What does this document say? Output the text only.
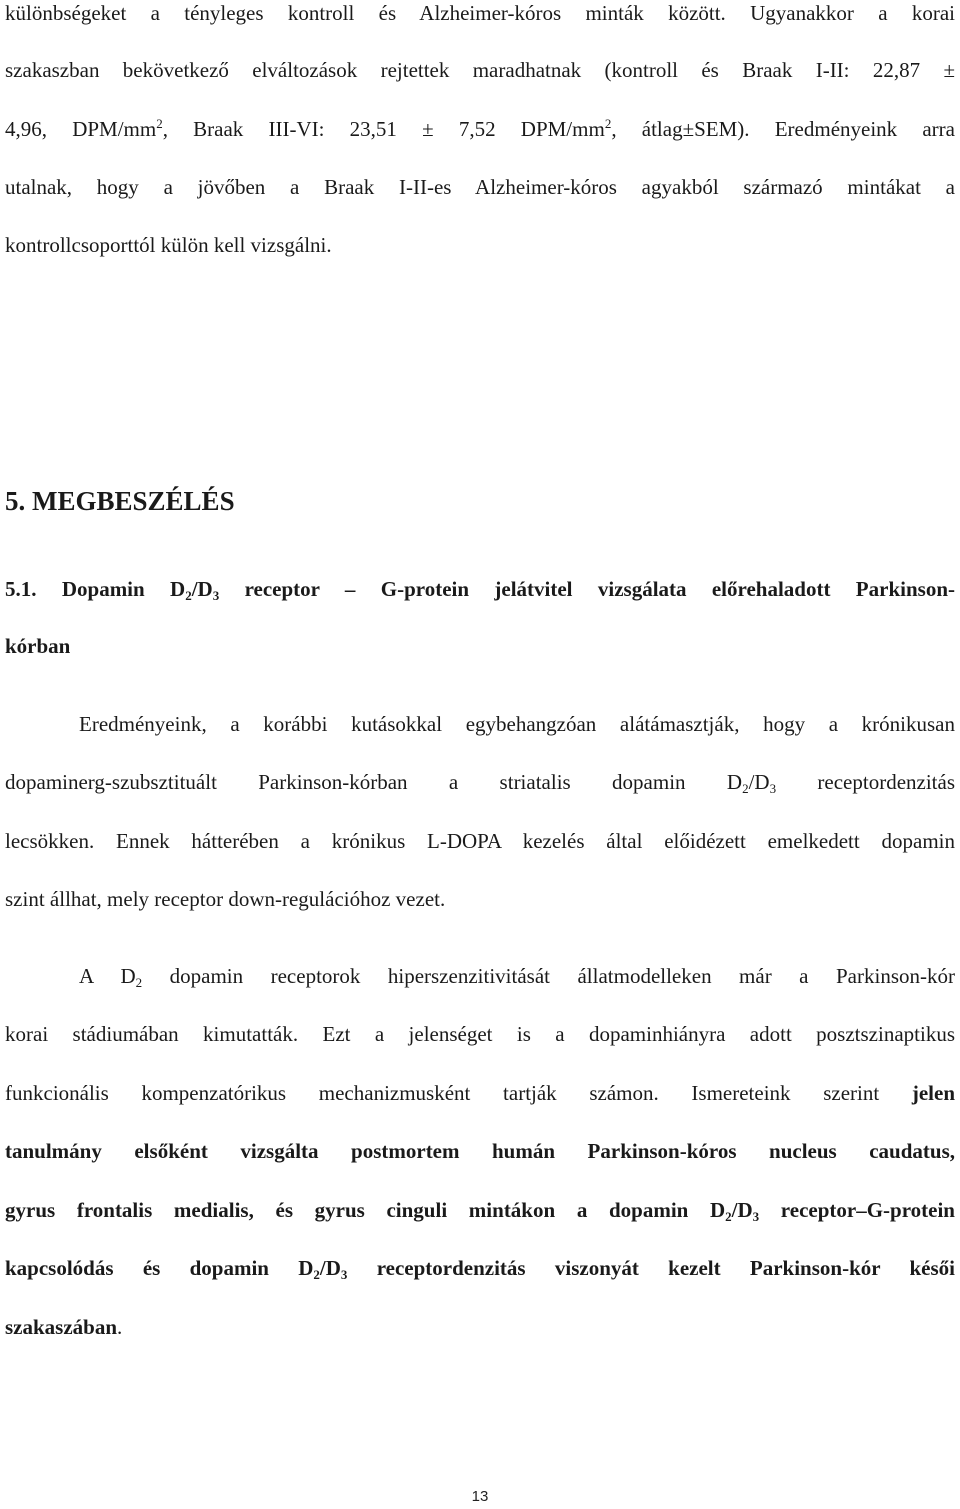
különbségeket a tényleges kontroll és Alzheimer-kóros minták között. Ugyanakkor a korai
szakaszban bekövetkező elváltozások rejtettek maradhatnak (kontroll és Braak I-II: 22,87 ±
4,96, DPM/$mm^2$, Braak III-VI: 23,51 ± 7,52 DPM/$mm^2$, átlag±SEM). Eredményeink arra
utalnak, hogy a jövőben a Braak I-II-es Alzheimer-kóros agyakból származó mintákat a
kontrollcsoporttól külön kell vizsgálni.
5. MEGBESZÉLÉS
5.1. Dopamin $D_2/D_3$ receptor – G-protein jelátvitel vizsgálata előrehaladott Parkinson-
kórban
Eredményeink, a korábbi kutásokkal egybehangzóan alátámasztják, hogy a krónikusan
dopaminerg-szubsztituált Parkinson-kórban a striatalis dopamin $D_2/D_3$ receptordenzitás
lecsökken. Ennek hátterében a krónikus L-DOPA kezelés által előidézett emelkedett dopamin
szint állhat, mely receptor down-regulációhoz vezet.
A $D_2$ dopamin receptorok hiperszenzitivitását állatmodelleken már a Parkinson-kór
korai stádiumában kimutatták. Ezt a jelenséget is a dopaminhiányra adott posztszinaptikus
funkcionális kompenzatórikus mechanizmusként tartják számon. Ismereteink szerint jelen
tanulmány elsőként vizsgálta postmortem humán Parkinson-kóros nucleus caudatus,
gyrus frontalis medialis, és gyrus cinguli mintákon a dopamin $D_2/D_3$ receptor–G-protein
kapcsolódás és dopamin $D_2/D_3$ receptordenzitás viszonyát kezelt Parkinson-kór késői
szakaszában.
13
